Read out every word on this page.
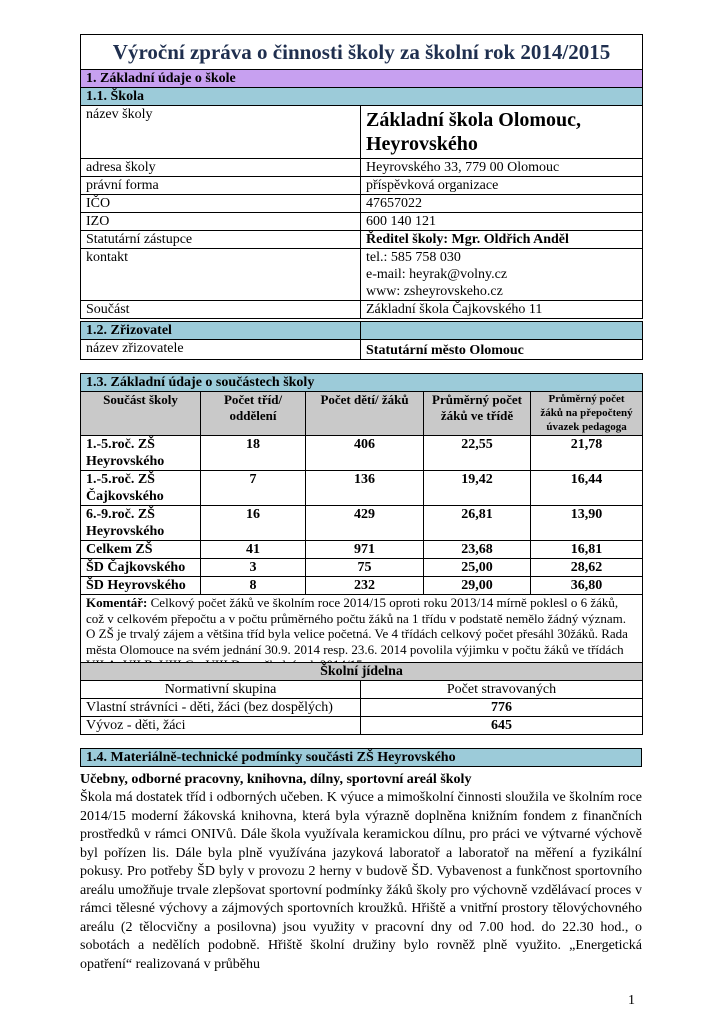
Výroční zpráva o činnosti školy za školní rok 2014/2015	
1. Základní údaje o škole	
1.1. Škola	
název školy	Základní škola Olomouc, Heyrovského
adresa školy	Heyrovského 33, 779 00 Olomouc
právní forma	příspěvková organizace
IČO	47657022
IZO	600 140 121
Statutární zástupce	Ředitel školy: Mgr. Oldřich Anděl
kontakt	tel.: 585 758 030
e-mail: heyrak@volny.cz
www: zsheyrovskeho.cz

Součást	Základní škola Čajkovského 11
1.2. Zřizovatel	
název zřizovatele	Statutární město Olomouc
1.3. Základní údaje o součástech školy				
Součást školy	Počet tříd/ oddělení	Počet dětí/ žáků	Průměrný počet žáků ve třídě	Průměrný počet žáků na přepočtený úvazek pedagoga
1.-5.roč. ZŠ Heyrovského	18	406	22,55	21,78
1.-5.roč. ZŠ Čajkovského	7	136	19,42	16,44
6.-9.roč. ZŠ Heyrovského	16	429	26,81	13,90
Celkem ZŠ	41	971	23,68	16,81
ŠD Čajkovského	3	75	25,00	28,62
ŠD Heyrovského	8	232	29,00	36,80
Komentář: Celkový počet žáků ve školním roce 2014/15 oproti roku 2013/14 mírně poklesl o 6 žáků, což v celkovém přepočtu a v počtu průměrného počtu žáků na 1 třídu v podstatě nemělo žádný význam. O ZŠ je trvalý zájem a většina tříd byla velice početná. Ve 4 třídách celkový počet přesáhl 30žáků. Rada města Olomouce na svém jednání 30.9. 2014 resp. 23.6. 2014 povolila výjimku v počtu žáků ve třídách				
Školní jídelna	
Normativní skupina	Počet stravovaných
Vlastní strávníci - děti, žáci (bez dospělých)	776
Vývoz - děti, žáci	645
1.4. Materiálně-technické podmínky součásti ZŠ Heyrovského
Učebny, odborné pracovny, knihovna, dílny, sportovní areál školy

Škola má dostatek tříd i odborných učeben. K výuce a mimoškolní činnosti sloužila ve školním roce 2014/15 moderní žákovská knihovna, která byla výrazně doplněna knižním fondem z finančních prostředků v rámci ONIVů. Dále škola využívala keramickou dílnu, pro práci ve výtvarné výchově byl pořízen lis. Dále byla plně využívána jazyková laboratoř a laboratoř na měření a fyzikální pokusy. Pro potřeby ŠD byly v provozu 2 herny v budově ŠD. Vybavenost a funkčnost sportovního areálu umožňuje trvale zlepšovat sportovní podmínky žáků školy pro výchovně vzdělávací proces v rámci tělesné výchovy a zájmových sportovních kroužků. Hřiště a vnitřní prostory tělovýchovného areálu (2 tělocvičny a posilovna) jsou využity v pracovní dny od 7.00 hod. do 22.30 hod., o sobotách a nedělích podobně. Hřiště školní družiny bylo rovněž plně využito. „Energetická opatření“ realizovaná v průběhu

1
